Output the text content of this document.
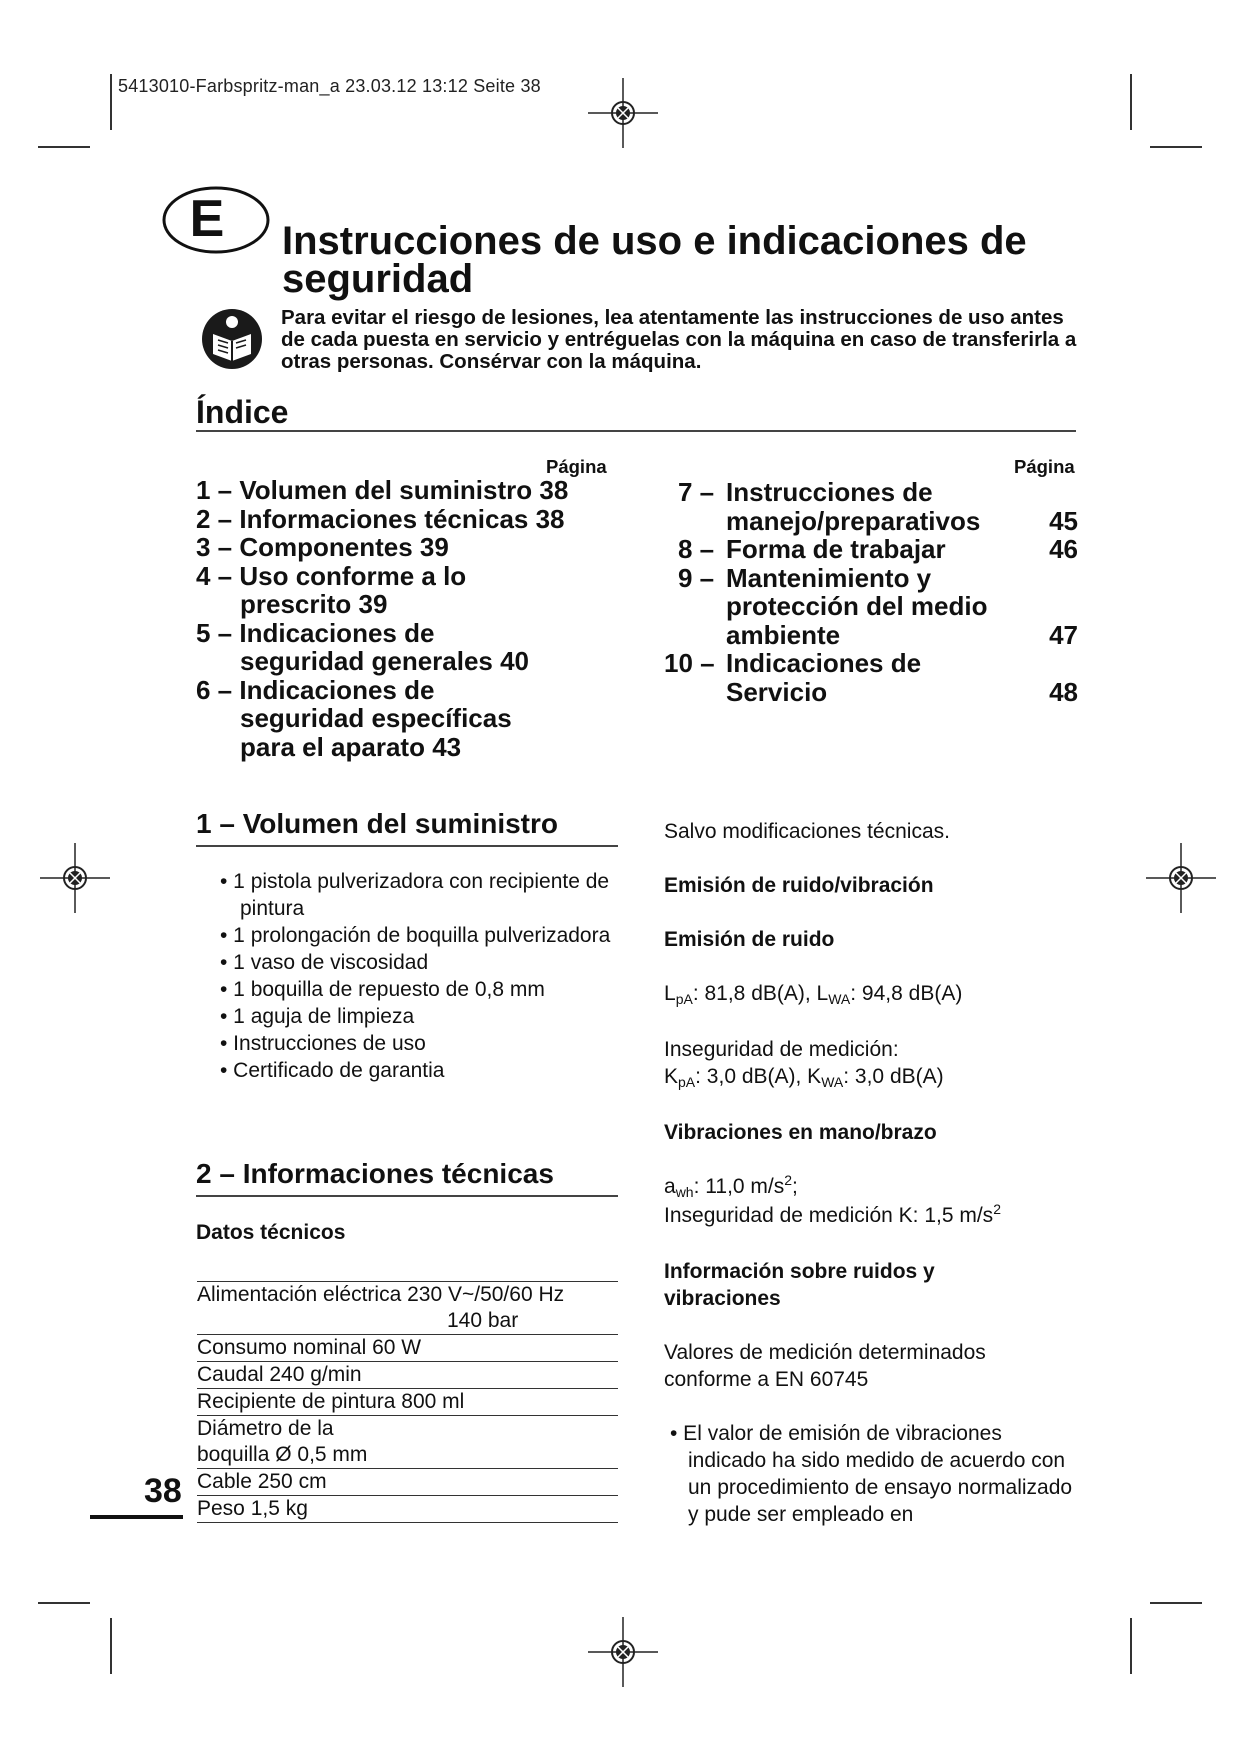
5413010-Farbspritz-man_a 23.03.12 13:12 Seite 38
E	Instrucciones de uso e indicaciones de seguridad
Para evitar el riesgo de lesiones, lea atentamente las instrucciones de uso antes de cada puesta en servicio y entréguelas con la máquina en caso de transferirla a otras personas. Consérvar con la máquina.
Índice
Página	Página
1 – Volumen del suministro 38
2 – Informaciones técnicas 38
3 – Componentes 39
4 – Uso conforme a lo
prescrito 39
5 – Indicaciones de
seguridad generales 40
6 – Indicaciones de
seguridad específicas
para el aparato 43
7 – Instrucciones de
manejo/preparativos	45
8 – Forma de trabajar	46
9 – Mantenimiento y
protección del medio
ambiente	47
10 – Indicaciones de
Servicio	48
1 – Volumen del suministro
• 1 pistola pulverizadora con recipiente de pintura
• 1 prolongación de boquilla pulverizadora
• 1 vaso de viscosidad
• 1 boquilla de repuesto de 0,8 mm
• 1 aguja de limpieza
• Instrucciones de uso
• Certificado de garantia
2 – Informaciones técnicas
Datos técnicos
Alimentación eléctrica 230 V~/50/60 Hz
140 bar
Consumo nominal 60 W
Caudal 240 g/min
Recipiente de pintura 800 ml
Diámetro de la
boquilla Ø 0,5 mm
Cable 250 cm
Peso 1,5 kg
38
Salvo modificaciones técnicas.
Emisión de ruido/vibración
Emisión de ruido
LpA: 81,8 dB(A), LWA: 94,8 dB(A)
Inseguridad de medición:
KpA: 3,0 dB(A), KWA: 3,0 dB(A)
Vibraciones en mano/brazo
awh: 11,0 $m/s^2$;
Inseguridad de medición K: 1,5 $m/s^2$
Información sobre ruidos y vibraciones
Valores de medición determinados conforme a EN 60745
• El valor de emisión de vibraciones indicado ha sido medido de acuerdo con un procedimiento de ensayo normalizado y pude ser empleado en
